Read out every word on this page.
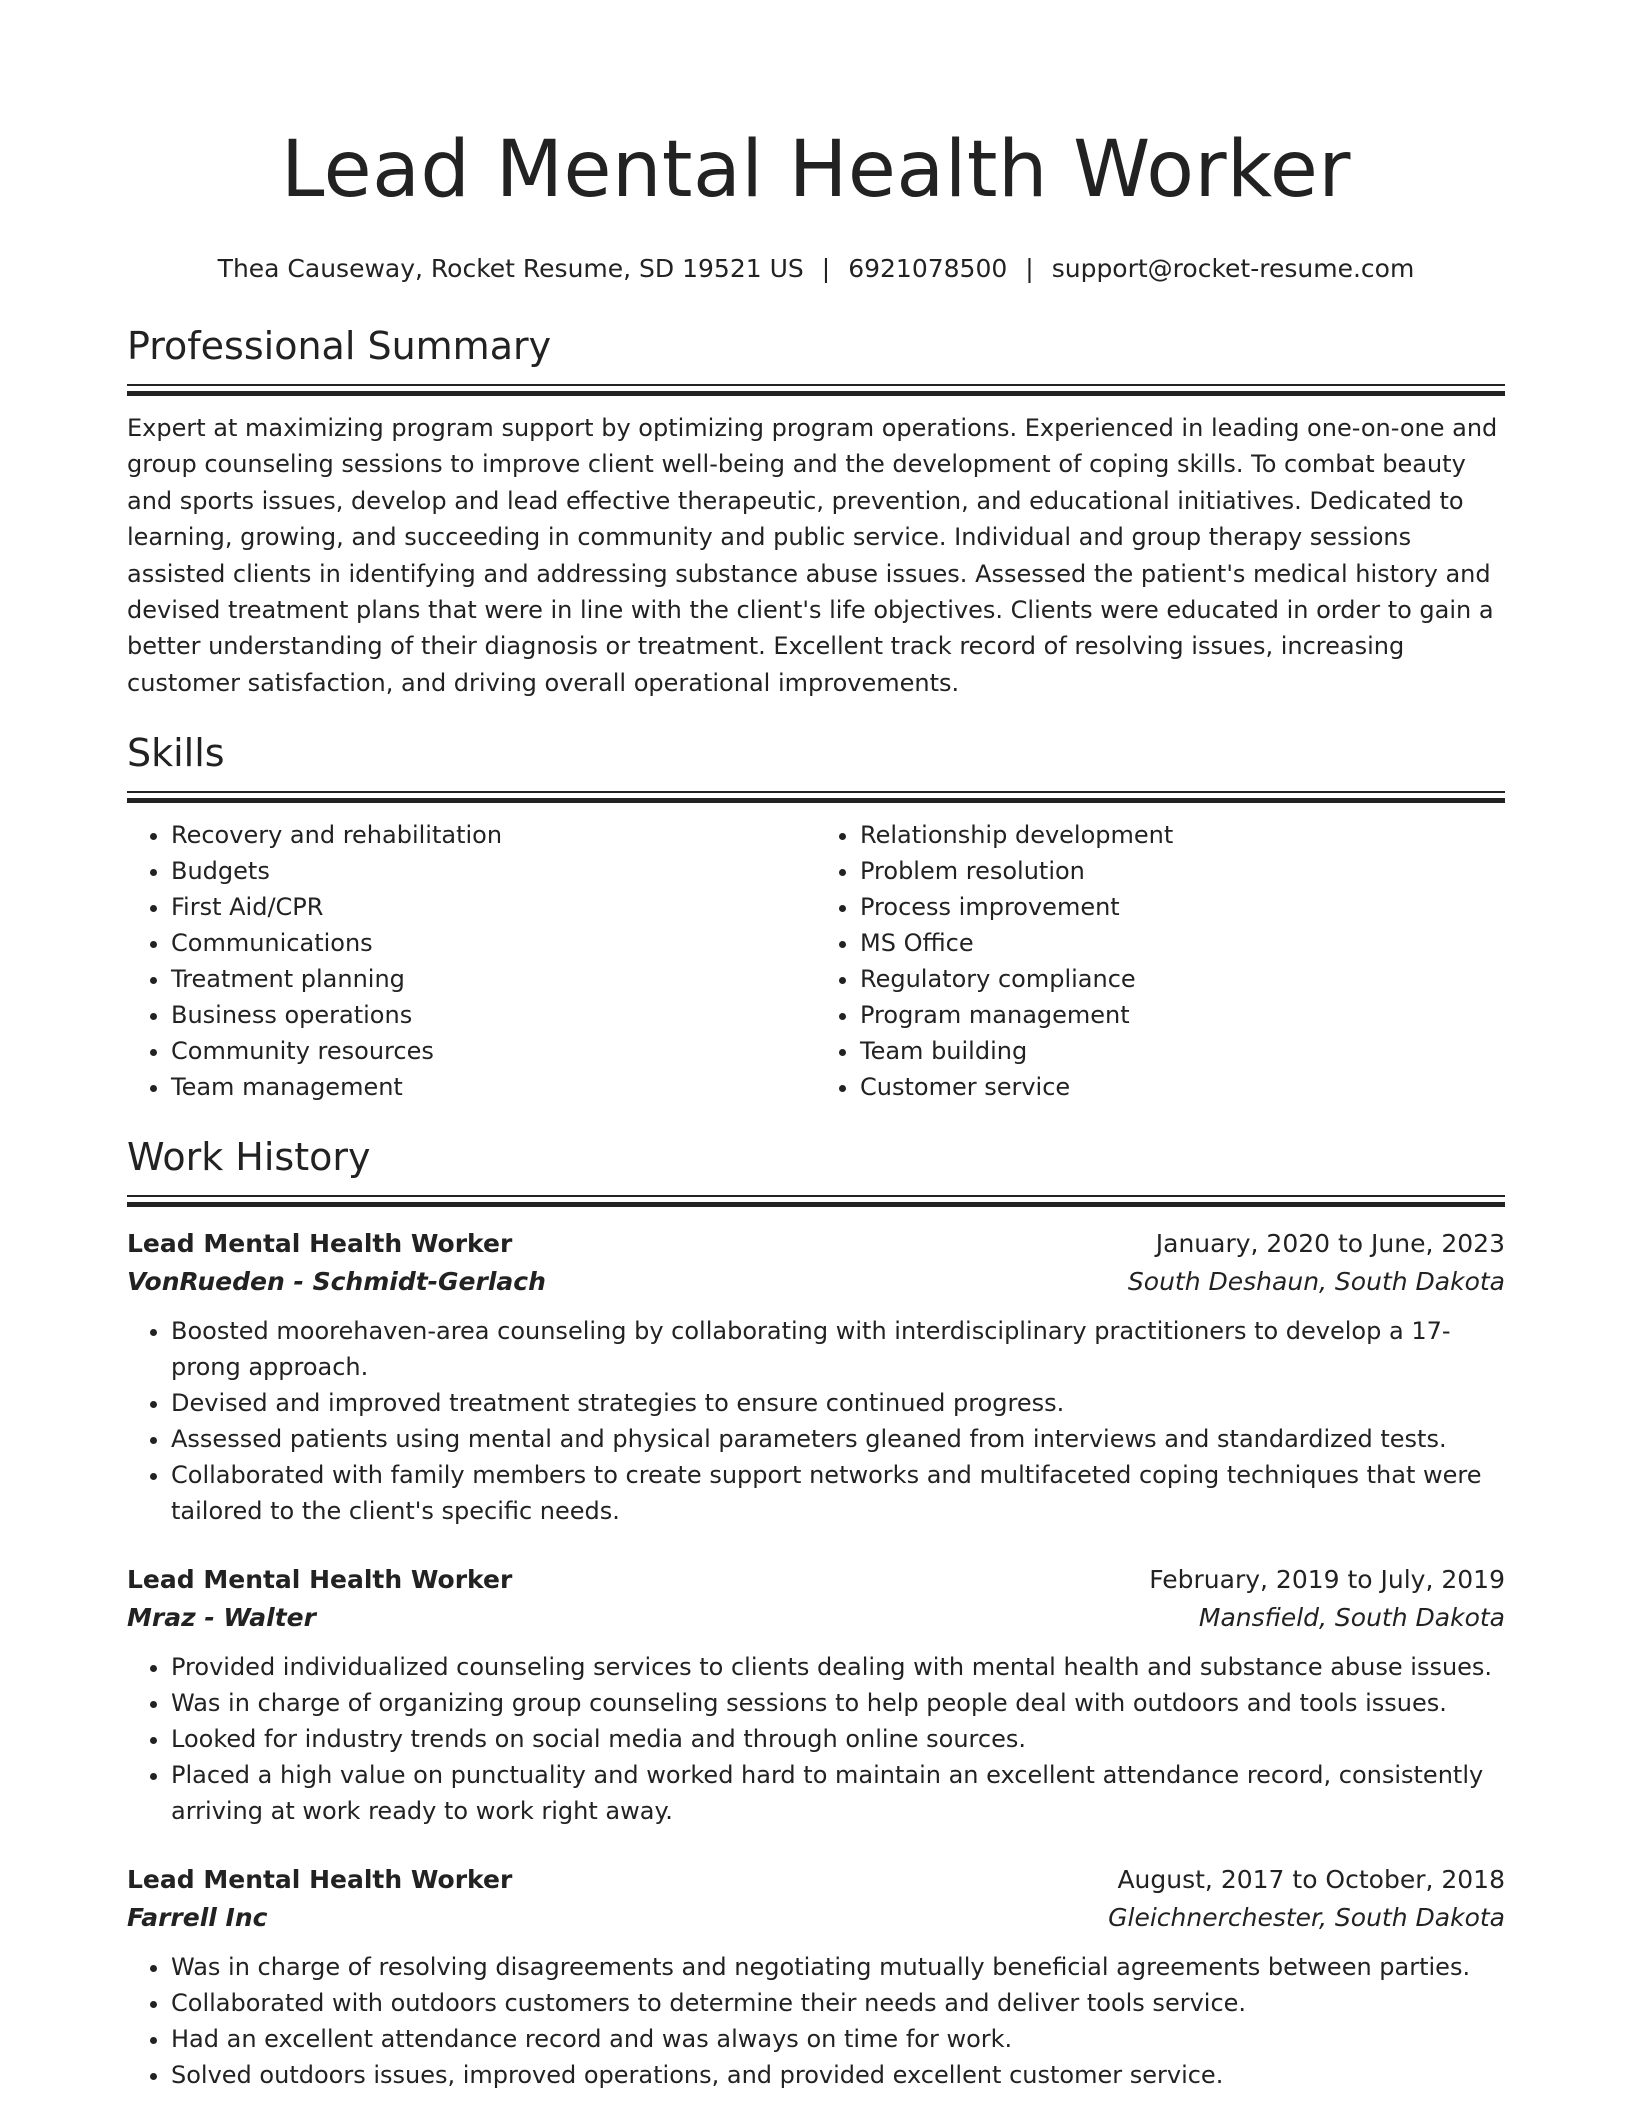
Lead Mental Health Worker
Thea Causeway, Rocket Resume, SD 19521 US | 6921078500 | support@rocket-resume.com
Professional Summary
Expert at maximizing program support by optimizing program operations. Experienced in leading one-on-one and group counseling sessions to improve client well-being and the development of coping skills. To combat beauty and sports issues, develop and lead effective therapeutic, prevention, and educational initiatives. Dedicated to learning, growing, and succeeding in community and public service. Individual and group therapy sessions assisted clients in identifying and addressing substance abuse issues. Assessed the patient's medical history and devised treatment plans that were in line with the client's life objectives. Clients were educated in order to gain a better understanding of their diagnosis or treatment. Excellent track record of resolving issues, increasing customer satisfaction, and driving overall operational improvements.
Skills
• Recovery and rehabilitation
• Budgets
• First Aid/CPR
• Communications
• Treatment planning
• Business operations
• Community resources
• Team management
• Relationship development
• Problem resolution
• Process improvement
• MS Office
• Regulatory compliance
• Program management
• Team building
• Customer service
Work History
Lead Mental Health Worker	January, 2020 to June, 2023
VonRueden - Schmidt-Gerlach	South Deshaun, South Dakota
• Boosted moorehaven-area counseling by collaborating with interdisciplinary practitioners to develop a 17-prong approach.
• Devised and improved treatment strategies to ensure continued progress.
• Assessed patients using mental and physical parameters gleaned from interviews and standardized tests.
• Collaborated with family members to create support networks and multifaceted coping techniques that were tailored to the client's specific needs.
Lead Mental Health Worker	February, 2019 to July, 2019
Mraz - Walter	Mansfield, South Dakota
• Provided individualized counseling services to clients dealing with mental health and substance abuse issues.
• Was in charge of organizing group counseling sessions to help people deal with outdoors and tools issues.
• Looked for industry trends on social media and through online sources.
• Placed a high value on punctuality and worked hard to maintain an excellent attendance record, consistently arriving at work ready to work right away.
Lead Mental Health Worker	August, 2017 to October, 2018
Farrell Inc	Gleichnerchester, South Dakota
• Was in charge of resolving disagreements and negotiating mutually beneficial agreements between parties.
• Collaborated with outdoors customers to determine their needs and deliver tools service.
• Had an excellent attendance record and was always on time for work.
• Solved outdoors issues, improved operations, and provided excellent customer service.
